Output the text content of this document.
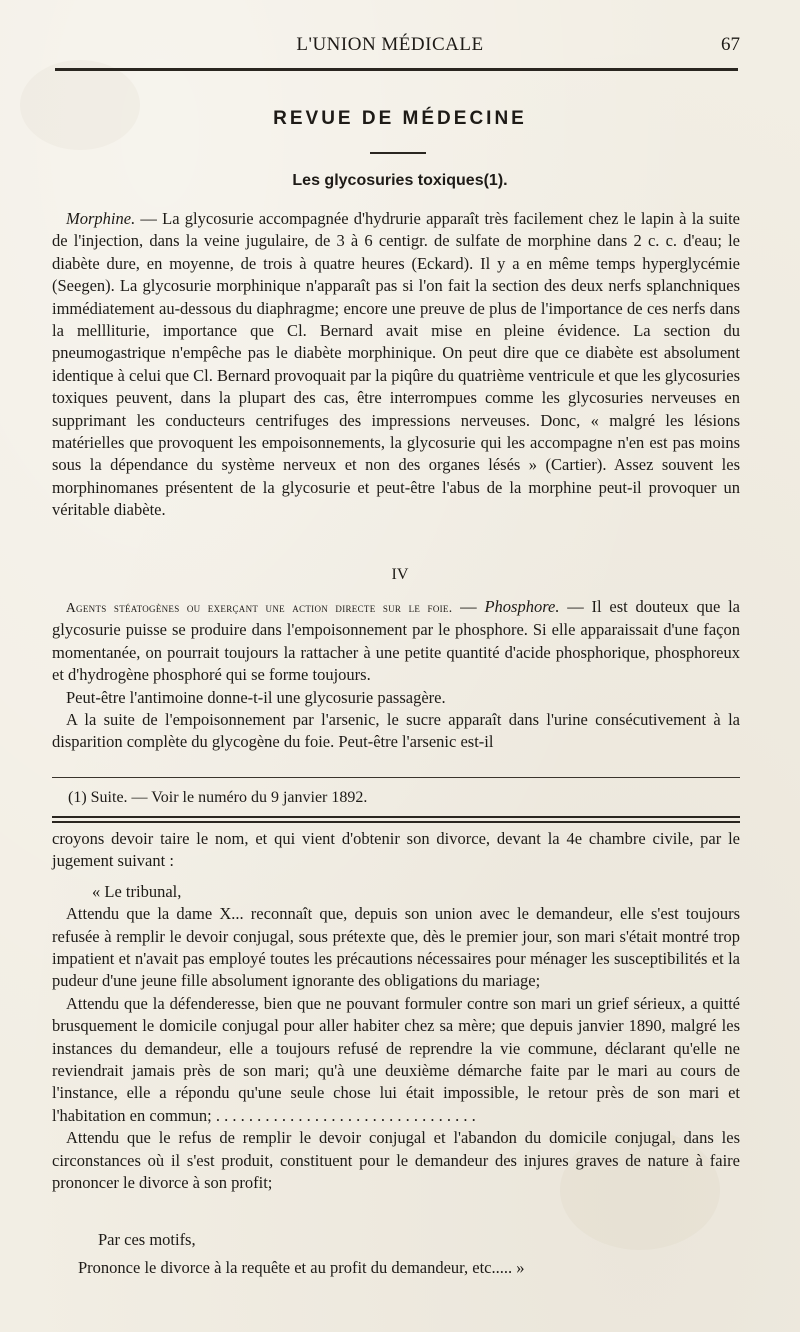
L'UNION MÉDICALE	67
REVUE DE MÉDECINE
Les glycosuries toxiques(1).

Morphine. — La glycosurie accompagnée d'hydrurie apparaît très facilement chez le lapin à la suite de l'injection, dans la veine jugulaire, de 3 à 6 centigr. de sulfate de morphine dans 2 c. c. d'eau; le diabète dure, en moyenne, de trois à quatre heures (Eckard). Il y a en même temps hyperglycémie (Seegen). La glycosurie morphinique n'apparaît pas si l'on fait la section des deux nerfs splanchniques immédiatement au-dessous du diaphragme; encore une preuve de plus de l'importance de ces nerfs dans la mellliturie, importance que Cl. Bernard avait mise en pleine évidence. La section du pneumogastrique n'empêche pas le diabète morphinique. On peut dire que ce diabète est absolument identique à celui que Cl. Bernard provoquait par la piqûre du quatrième ventricule et que les glycosuries toxiques peuvent, dans la plupart des cas, être interrompues comme les glycosuries nerveuses en supprimant les conducteurs centrifuges des impressions nerveuses. Donc, « malgré les lésions matérielles que provoquent les empoisonnements, la glycosurie qui les accompagne n'en est pas moins sous la dépendance du système nerveux et non des organes lésés » (Cartier). Assez souvent les morphinomanes présentent de la glycosurie et peut-être l'abus de la morphine peut-il provoquer un véritable diabète.

IV

Agents stéatogènes ou exerçant une action directe sur le foie. — Phosphore. — Il est douteux que la glycosurie puisse se produire dans l'empoisonnement par le phosphore. Si elle apparaissait d'une façon momentanée, on pourrait toujours la rattacher à une petite quantité d'acide phosphorique, phosphoreux et d'hydrogène phosphoré qui se forme toujours.

Peut-être l'antimoine donne-t-il une glycosurie passagère.

A la suite de l'empoisonnement par l'arsenic, le sucre apparaît dans l'urine consécutivement à la disparition complète du glycogène du foie. Peut-être l'arsenic est-il

(1) Suite. — Voir le numéro du 9 janvier 1892.

croyons devoir taire le nom, et qui vient d'obtenir son divorce, devant la 4e chambre civile, par le jugement suivant :

« Le tribunal,

Attendu que la dame X... reconnaît que, depuis son union avec le demandeur, elle s'est toujours refusée à remplir le devoir conjugal, sous prétexte que, dès le premier jour, son mari s'était montré trop impatient et n'avait pas employé toutes les précautions nécessaires pour ménager les susceptibilités et la pudeur d'une jeune fille absolument ignorante des obligations du mariage;

Attendu que la défenderesse, bien que ne pouvant formuler contre son mari un grief sérieux, a quitté brusquement le domicile conjugal pour aller habiter chez sa mère; que depuis janvier 1890, malgré les instances du demandeur, elle a toujours refusé de reprendre la vie commune, déclarant qu'elle ne reviendrait jamais près de son mari; qu'à une deuxième démarche faite par le mari au cours de l'instance, elle a répondu qu'une seule chose lui était impossible, le retour près de son mari et l'habitation en commun; . . . . . . . . . . . . . . . . . . . . . . . . . . . . . . . .

Attendu que le refus de remplir le devoir conjugal et l'abandon du domicile conjugal, dans les circonstances où il s'est produit, constituent pour le demandeur des injures graves de nature à faire prononcer le divorce à son profit;

Par ces motifs,
Prononce le divorce à la requête et au profit du demandeur, etc..... »
